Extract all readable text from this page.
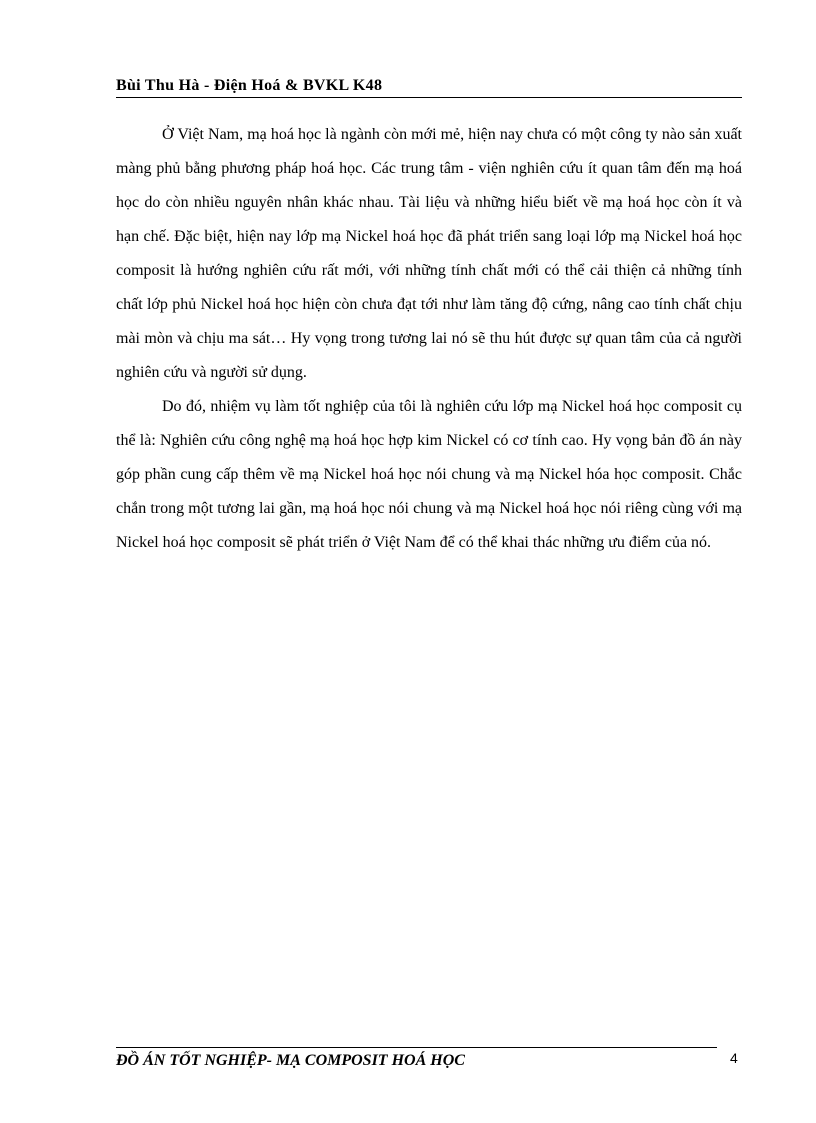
Bùi Thu Hà - Điện Hoá & BVKL K48

Ở Việt Nam, mạ hoá học là ngành còn mới mẻ, hiện nay chưa có một công ty nào sản xuất màng phủ bằng phương pháp hoá học. Các trung tâm - viện nghiên cứu ít quan tâm đến mạ hoá học do còn nhiều nguyên nhân khác nhau. Tài liệu và những hiểu biết về mạ hoá học còn ít và hạn chế. Đặc biệt, hiện nay lớp mạ Nickel hoá học đã phát triển sang loại lớp mạ Nickel hoá học composit là hướng nghiên cứu rất mới, với những tính chất mới có thể cải thiện cả những tính chất lớp phủ Nickel hoá học hiện còn chưa đạt tới như làm tăng độ cứng, nâng cao tính chất chịu mài mòn và chịu ma sát… Hy vọng trong tương lai nó sẽ thu hút được sự quan tâm của cả người nghiên cứu và người sử dụng.

Do đó, nhiệm vụ làm tốt nghiệp của tôi là nghiên cứu lớp mạ Nickel hoá học composit cụ thể là: Nghiên cứu công nghệ mạ hoá học hợp kim Nickel có cơ tính cao. Hy vọng bản đồ án này góp phần cung cấp thêm về mạ Nickel hoá học nói chung và mạ Nickel hóa học composit. Chắc chắn trong một tương lai gần, mạ hoá học nói chung và mạ Nickel hoá học nói riêng cùng với mạ Nickel hoá học composit sẽ phát triển ở Việt Nam để có thể khai thác những ưu điểm của nó.

ĐỒ ÁN TỐT NGHIỆP- MẠ COMPOSIT HOÁ HỌC	4
